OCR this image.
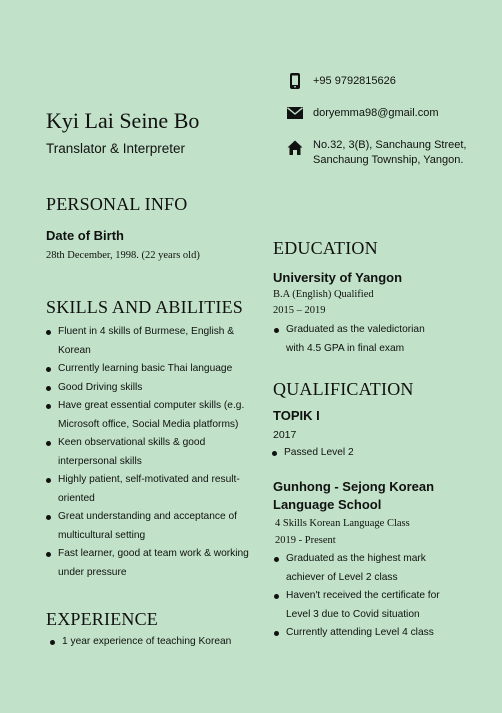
Kyi Lai Seine Bo
Translator & Interpreter
+95 9792815626
doryemma98@gmail.com
No.32, 3(B), Sanchaung Street,
Sanchaung Township, Yangon.
PERSONAL INFO
Date of Birth
28th December, 1998. (22 years old)
SKILLS AND ABILITIES
Fluent in 4 skills of Burmese, English &
Korean
Currently learning basic Thai language
Good Driving skills
Have great essential computer skills (e.g.
Microsoft office, Social Media platforms)
Keen observational skills & good
interpersonal skills
Highly patient, self-motivated and result-
oriented
Great understanding and acceptance of
multicultural setting
Fast learner, good at team work & working
under pressure
EXPERIENCE
1 year experience of teaching Korean
EDUCATION
University of Yangon
B.A (English) Qualified
2015 – 2019
Graduated as the valedictorian
with 4.5 GPA in final exam
QUALIFICATION
TOPIK I
2017
Passed Level 2
Gunhong - Sejong Korean
Language School
4 Skills Korean Language Class
2019 - Present
Graduated as the highest mark
achiever of Level 2 class
Haven't received the certificate for
Level 3 due to Covid situation
Currently attending Level 4 class
